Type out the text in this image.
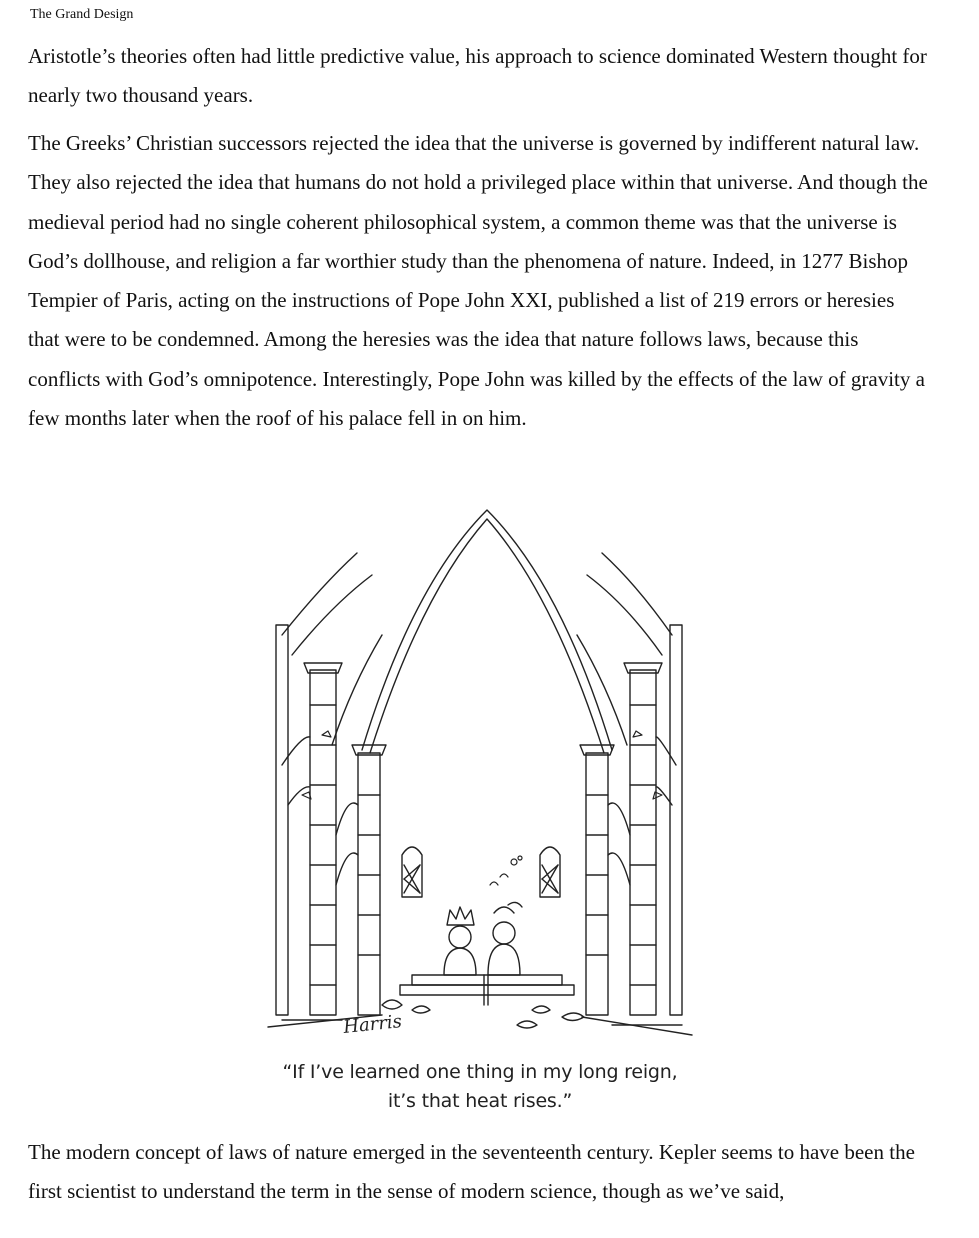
The Grand Design

Aristotle’s theories often had little predictive value, his approach to science dominated Western thought for nearly two thousand years.

The Greeks’ Christian successors rejected the idea that the universe is governed by indifferent natural law. They also rejected the idea that humans do not hold a privileged place within that universe. And though the medieval period had no single coherent philosophical system, a common theme was that the universe is God’s dollhouse, and religion a far worthier study than the phenomena of nature. Indeed, in 1277 Bishop Tempier of Paris, acting on the instructions of Pope John XXI, published a list of 219 errors or heresies that were to be condemned. Among the heresies was the idea that nature follows laws, because this conflicts with God’s omnipotence. Interestingly, Pope John was killed by the effects of the law of gravity a few months later when the roof of his palace fell in on him.

Harris
“If I’ve learned one thing in my long reign,
it’s that heat rises.”

The modern concept of laws of nature emerged in the seventeenth century. Kepler seems to have been the first scientist to understand the term in the sense of modern science, though as we’ve said,
